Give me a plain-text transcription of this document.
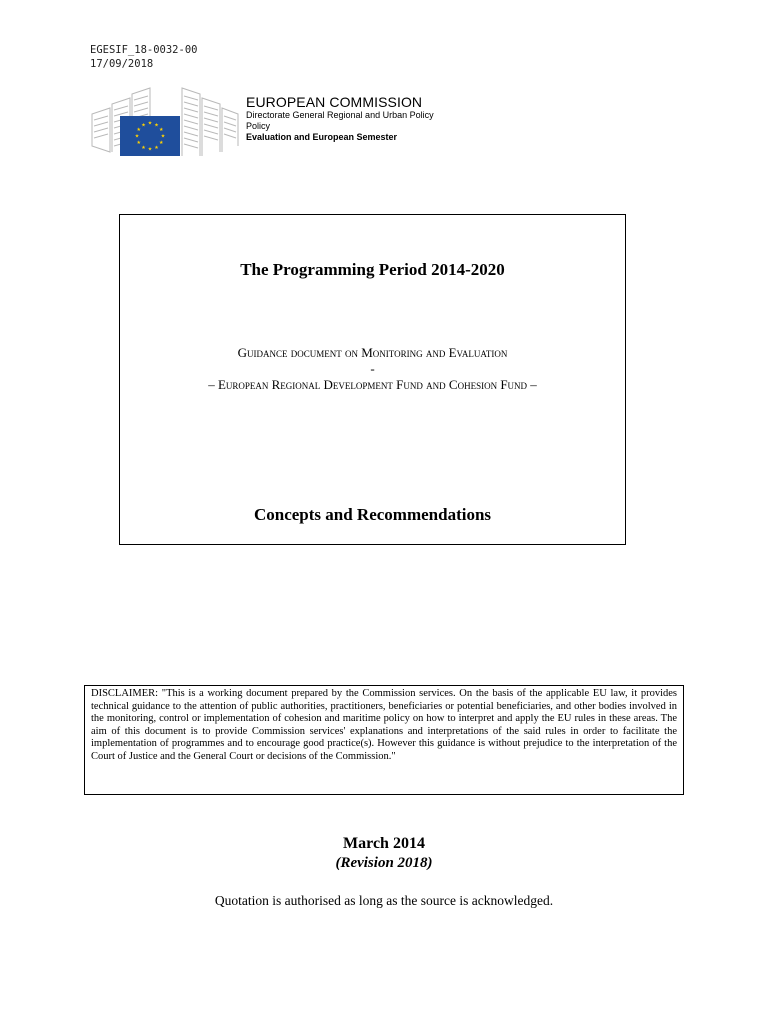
EGESIF_18-0032-00
17/09/2018
★ ★
★
★
★
★
★
★
★
★
★
★
EUROPEAN COMMISSION
Directorate General Regional and Urban Policy
Policy
Evaluation and European Semester
The Programming Period 2014-2020
Guidance document on Monitoring and Evaluation
-
– European Regional Development Fund and Cohesion Fund –
Concepts and Recommendations
DISCLAIMER: "This is a working document prepared by the Commission services. On the basis of the applicable EU law, it provides technical guidance to the attention of public authorities, practitioners, beneficiaries or potential beneficiaries, and other bodies involved in the monitoring, control or implementation of cohesion and maritime policy on how to interpret and apply the EU rules in these areas. The aim of this document is to provide Commission services' explanations and interpretations of the said rules in order to facilitate the implementation of programmes and to encourage good practice(s). However this guidance is without prejudice to the interpretation of the Court of Justice and the General Court or decisions of the Commission."
March 2014
(Revision 2018)
Quotation is authorised as long as the source is acknowledged.
